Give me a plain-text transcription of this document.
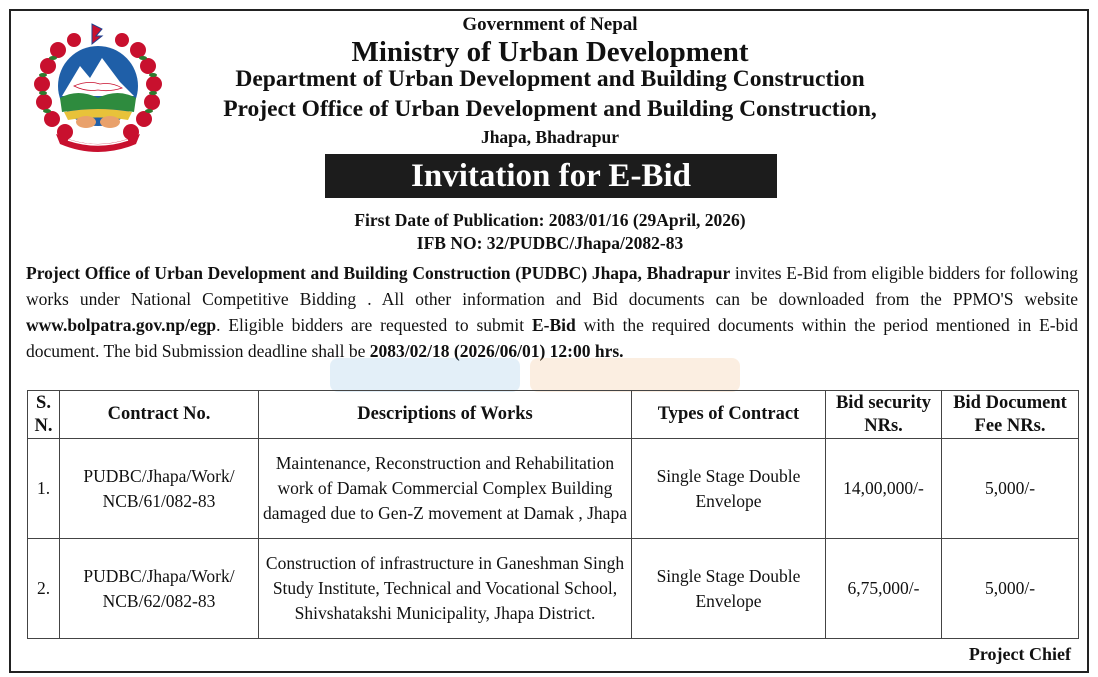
Government of Nepal
Ministry of Urban Development
Department of Urban Development and Building Construction
Project Office of Urban Development and Building Construction,
Jhapa, Bhadrapur
Invitation for E-Bid
First Date of Publication: 2083/01/16 (29April, 2026)
IFB NO: 32/PUDBC/Jhapa/2082-83
Project Office of Urban Development and Building Construction (PUDBC) Jhapa, Bhadrapur invites E-Bid from eligible bidders for following works under National Competitive Bidding . All other information and Bid documents can be downloaded from the PPMO'S website www.bolpatra.gov.np/egp. Eligible bidders are requested to submit E-Bid with the required documents within the period mentioned in E-bid document. The bid Submission deadline shall be 2083/02/18 (2026/06/01) 12:00 hrs.
S. N.	Contract No.	Descriptions of Works	Types of Contract	Bid security NRs.	Bid Document Fee NRs.
1.	PUDBC/Jhapa/Work/ NCB/61/082-83	Maintenance, Reconstruction and Rehabilitation work of Damak Commercial Complex Building damaged due to Gen-Z movement at Damak , Jhapa	Single Stage Double Envelope	14,00,000/-	5,000/-
2.	PUDBC/Jhapa/Work/ NCB/62/082-83	Construction of infrastructure in Ganeshman Singh Study Institute, Technical and Vocational School, Shivshatakshi Municipality, Jhapa District.	Single Stage Double Envelope	6,75,000/-	5,000/-
Project Chief
